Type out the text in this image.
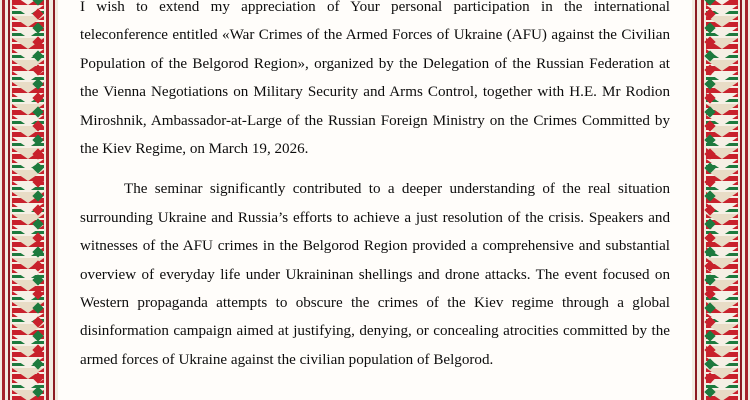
I wish to extend my appreciation of Your personal participation in the international teleconference entitled «War Crimes of the Armed Forces of Ukraine (AFU) against the Civilian Population of the Belgorod Region», organized by the Delegation of the Russian Federation at the Vienna Negotiations on Military Security and Arms Control, together with H.E. Mr Rodion Miroshnik, Ambassador-at-Large of the Russian Foreign Ministry on the Crimes Committed by the Kiev Regime, on March 19, 2026.

The seminar significantly contributed to a deeper understanding of the real situation surrounding Ukraine and Russia’s efforts to achieve a just resolution of the crisis. Speakers and witnesses of the AFU crimes in the Belgorod Region provided a comprehensive and substantial overview of everyday life under Ukraininan shellings and drone attacks. The event focused on Western propaganda attempts to obscure the crimes of the Kiev regime through a global disinformation campaign aimed at justifying, denying, or concealing atrocities committed by the armed forces of Ukraine against the civilian population of Belgorod.
